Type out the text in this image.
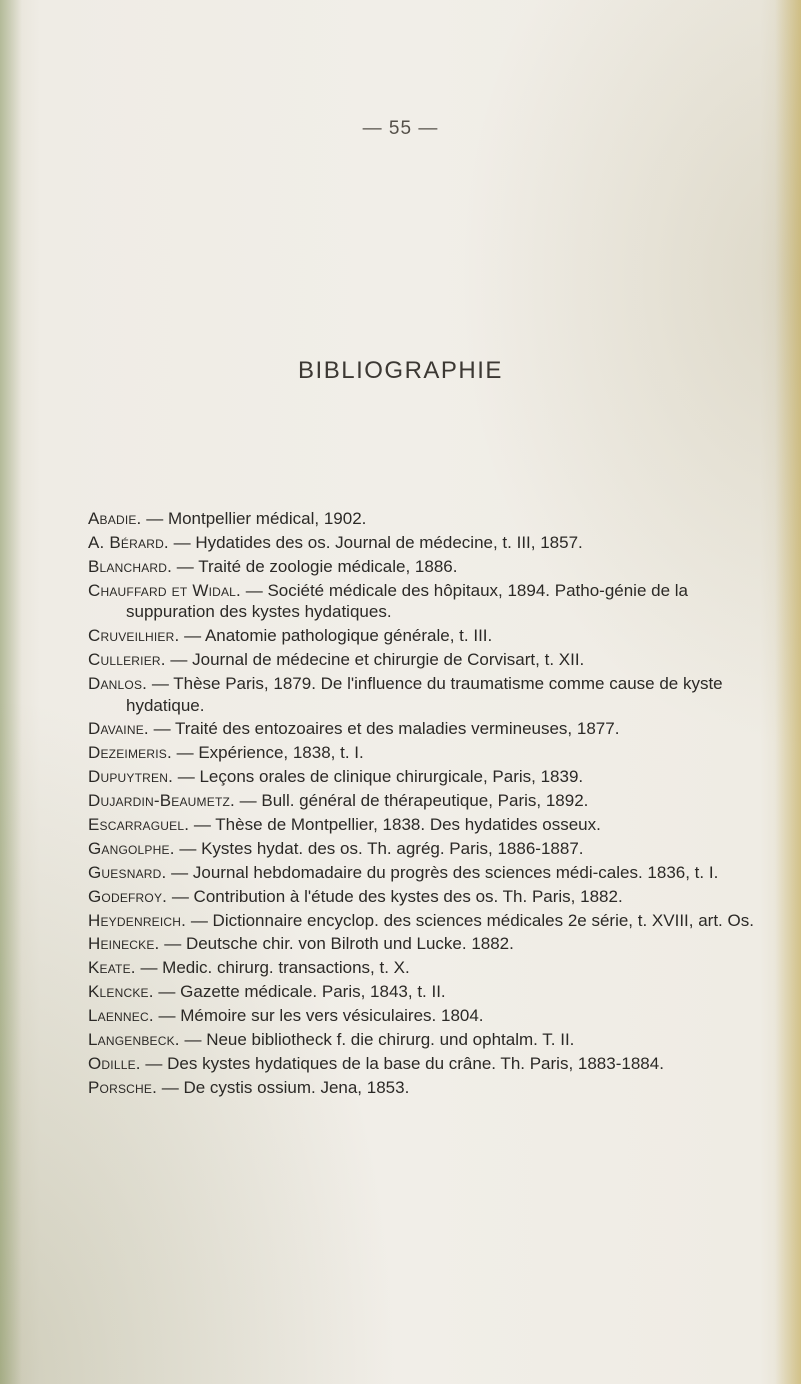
— 55 —
BIBLIOGRAPHIE
Abadie. — Montpellier médical, 1902.
A. Bérard. — Hydatides des os. Journal de médecine, t. III, 1857.
Blanchard. — Traité de zoologie médicale, 1886.
Chauffard et Widal. — Société médicale des hôpitaux, 1894. Patho-génie de la suppuration des kystes hydatiques.
Cruveilhier. — Anatomie pathologique générale, t. III.
Cullerier. — Journal de médecine et chirurgie de Corvisart, t. XII.
Danlos. — Thèse Paris, 1879. De l'influence du traumatisme comme cause de kyste hydatique.
Davaine. — Traité des entozoaires et des maladies vermineuses, 1877.
Dezeimeris. — Expérience, 1838, t. I.
Dupuytren. — Leçons orales de clinique chirurgicale, Paris, 1839.
Dujardin-Beaumetz. — Bull. général de thérapeutique, Paris, 1892.
Escarraguel. — Thèse de Montpellier, 1838. Des hydatides osseux.
Gangolphe. — Kystes hydat. des os. Th. agrég. Paris, 1886-1887.
Guesnard. — Journal hebdomadaire du progrès des sciences médi-cales. 1836, t. I.
Godefroy. — Contribution à l'étude des kystes des os. Th. Paris, 1882.
Heydenreich. — Dictionnaire encyclop. des sciences médicales 2e série, t. XVIII, art. Os.
Heinecke. — Deutsche chir. von Bilroth und Lucke. 1882.
Keate. — Medic. chirurg. transactions, t. X.
Klencke. — Gazette médicale. Paris, 1843, t. II.
Laennec. — Mémoire sur les vers vésiculaires. 1804.
Langenbeck. — Neue bibliotheck f. die chirurg. und ophtalm. T. II.
Odille. — Des kystes hydatiques de la base du crâne. Th. Paris, 1883-1884.
Porsche. — De cystis ossium. Jena, 1853.
